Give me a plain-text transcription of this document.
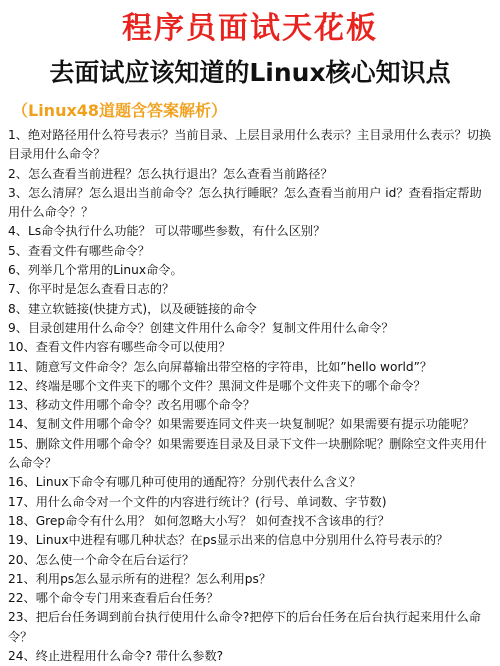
程序员面试天花板
去面试应该知道的Linux核心知识点
（Linux48道题含答案解析）

1、绝对路径用什么符号表示？当前目录、上层目录用什么表示？主目录用什么表示？切换目录用什么命令？

2、怎么查看当前进程？怎么执行退出？怎么查看当前路径？

3、怎么清屏？怎么退出当前命令？怎么执行睡眠？怎么查看当前用户 id？查看指定帮助用什么命令？？

4、Ls命令执行什么功能？ 可以带哪些参数，有什么区别？

5、查看文件有哪些命令？

6、列举几个常用的Linux命令。

7、你平时是怎么查看日志的？

8、建立软链接(快捷方式)，以及硬链接的命令

9、目录创建用什么命令？创建文件用什么命令？复制文件用什么命令？

10、查看文件内容有哪些命令可以使用？

11、随意写文件命令？怎么向屏幕输出带空格的字符串，比如”hello world”？

12、终端是哪个文件夹下的哪个文件？黑洞文件是哪个文件夹下的哪个命令？

13、移动文件用哪个命令？改名用哪个命令？

14、复制文件用哪个命令？如果需要连同文件夹一块复制呢？如果需要有提示功能呢？

15、删除文件用哪个命令？如果需要连目录及目录下文件一块删除呢？删除空文件夹用什么命令？

16、Linux下命令有哪几种可使用的通配符？分别代表什么含义？

17、用什么命令对一个文件的内容进行统计？(行号、单词数、字节数)

18、Grep命令有什么用？ 如何忽略大小写？ 如何查找不含该串的行？

19、Linux中进程有哪几种状态？在ps显示出来的信息中分别用什么符号表示的？

20、怎么使一个命令在后台运行？

21、利用ps怎么显示所有的进程？怎么利用ps？

22、哪个命令专门用来查看后台任务？

23、把后台任务调到前台执行使用什么命令?把停下的后台任务在后台执行起来用什么命令？

24、终止进程用什么命令? 带什么参数?
